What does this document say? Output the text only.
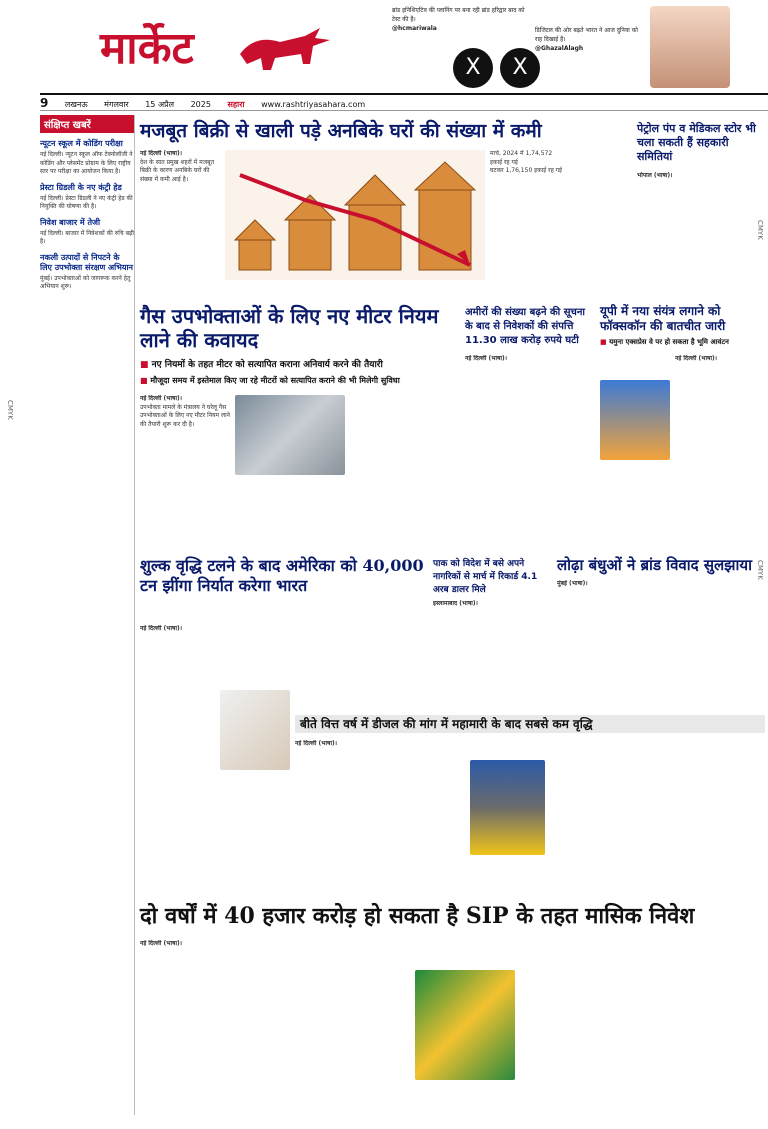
मार्केट
ब्रांड इनिशिएटिव की प्लानिंग पर बना रही ब्रांड हरिद्वार बाद को टेस्ट की है।
@hcmariwala
X	X
डिजिटल की ओर बढ़ते भारत ने आज दुनिया को राह दिखाई है।
@GhazalAlagh
9 लखनऊ मंगलवार 15 अप्रैल 2025 सहारा www.rashtriyasahara.com
संक्षिप्त खबरें
न्यूटन स्कूल में कोडिंग परीक्षा
नई दिल्ली। न्यूटन स्कूल ऑफ टेक्नोलॉजी ने कोडिंग और प्लेसमेंट प्रोग्राम के लिए राष्ट्रीय स्तर पर परीक्षा का आयोजन किया है।
प्रेस्टा ग्रिडली के नए कंट्री हेड
नई दिल्ली। प्रेस्टा ग्रिडली ने नए कंट्री हेड की नियुक्ति की घोषणा की है।
निवेश बाजार में तेजी
नई दिल्ली। बाजार में निवेशकों की रुचि बढ़ी है।
नकली उत्पादों से निपटने के लिए उपभोक्ता संरक्षण अभियान
मुंबई। उपभोक्ताओं को जागरूक करने हेतु अभियान शुरू।
मजबूत बिक्री से खाली पड़े अनबिके घरों की संख्या में कमी
नई दिल्ली (भाषा)।
देश के सात प्रमुख शहरों में मजबूत बिक्री के कारण अनबिके घरों की संख्या में कमी आई है।
मार्च, 2024 में 1,74,572
इकाई रह गई
घटकर 1,76,150 इकाई रह गई
गैस उपभोक्ताओं के लिए नए मीटर नियम लाने की कवायद
■ नए नियमों के तहत मीटर को सत्यापित कराना अनिवार्य करने की तैयारी
■ मौजूदा समय में इस्तेमाल किए जा रहे मीटरों को सत्यापित कराने की भी मिलेगी सुविधा
नई दिल्ली (भाषा)।
उपभोक्ता मामले के मंत्रालय ने घरेलू गैस उपभोक्ताओं के लिए नए मीटर नियम लाने की तैयारी शुरू कर दी है।
अमीरों की संख्या बढ़ने की सूचना के बाद से निवेशकों की संपत्ति 11.30 लाख करोड़ रुपये घटी
नई दिल्ली (भाषा)।
यूपी में नया संयंत्र लगाने को फॉक्सकॉन की बातचीत जारी
■ यमुना एक्सप्रेस वे पर हो सकता है भूमि आवंटन
नई दिल्ली (भाषा)।
पेट्रोल पंप व मेडिकल स्टोर भी चला सकती हैं सहकारी समितियां
भोपाल (भाषा)।
शुल्क वृद्धि टलने के बाद अमेरिका को 40,000 टन झींगा निर्यात करेगा भारत
नई दिल्ली (भाषा)।
पाक को विदेश में बसे अपने नागरिकों से मार्च में रिकार्ड 4.1 अरब डालर मिले
इस्लामाबाद (भाषा)।
लोढ़ा बंधुओं ने ब्रांड विवाद सुलझाया
मुंबई (भाषा)।
बीते वित्त वर्ष में डीजल की मांग में महामारी के बाद सबसे कम वृद्धि
नई दिल्ली (भाषा)।
दो वर्षों में 40 हजार करोड़ हो सकता है SIP के तहत मासिक निवेश
नई दिल्ली (भाषा)।
CMYK
CMYK
CMYK
